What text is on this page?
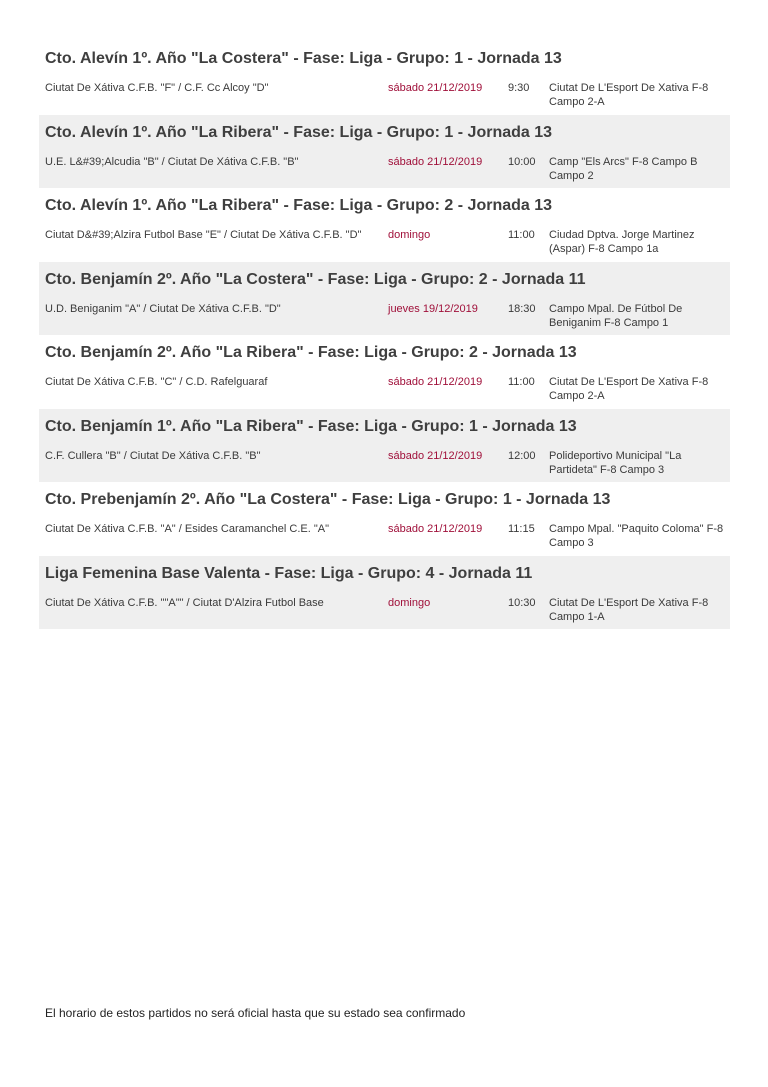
Cto. Alevín 1º. Año "La Costera" - Fase: Liga - Grupo: 1 - Jornada 13
Ciutat De Xátiva C.F.B. "F" / C.F. Cc Alcoy "D"	sábado 21/12/2019 9:30 Ciutat De L'Esport De Xativa F-8 Campo 2-A
Cto. Alevín 1º. Año "La Ribera" - Fase: Liga - Grupo: 1 - Jornada 13
U.E. L&#39;Alcudia "B" / Ciutat De Xátiva C.F.B. "B"	sábado 21/12/2019 10:00 Camp "Els Arcs" F-8 Campo B Campo 2
Cto. Alevín 1º. Año "La Ribera" - Fase: Liga - Grupo: 2 - Jornada 13
Ciutat D&#39;Alzira Futbol Base "E" / Ciutat De Xátiva C.F.B. "D"	domingo	11:00 Ciudad Dptva. Jorge Martinez (Aspar) F-8 Campo 1a
Cto. Benjamín 2º. Año "La Costera" - Fase: Liga - Grupo: 2 - Jornada 11
U.D. Beniganim "A" / Ciutat De Xátiva C.F.B. "D"	jueves 19/12/2019	18:30 Campo Mpal. De Fútbol De Beniganim F-8 Campo 1
Cto. Benjamín 2º. Año "La Ribera" - Fase: Liga - Grupo: 2 - Jornada 13
Ciutat De Xátiva C.F.B. "C" / C.D. Rafelguaraf	sábado 21/12/2019 11:00 Ciutat De L'Esport De Xativa F-8 Campo 2-A
Cto. Benjamín 1º. Año "La Ribera" - Fase: Liga - Grupo: 1 - Jornada 13
C.F. Cullera "B" / Ciutat De Xátiva C.F.B. "B"	sábado 21/12/2019 12:00 Polideportivo Municipal "La Partideta" F-8 Campo 3
Cto. Prebenjamín 2º. Año "La Costera" - Fase: Liga - Grupo: 1 - Jornada 13
Ciutat De Xátiva C.F.B. "A" / Esides Caramanchel C.E. "A"	sábado 21/12/2019 11:15 Campo Mpal. "Paquito Coloma" F-8 Campo 3
Liga Femenina Base Valenta - Fase: Liga - Grupo: 4 - Jornada 11
Ciutat De Xátiva C.F.B. ""A"" / Ciutat D'Alzira Futbol Base	domingo	10:30 Ciutat De L'Esport De Xativa F-8 Campo 1-A
El horario de estos partidos no será oficial hasta que su estado sea confirmado
